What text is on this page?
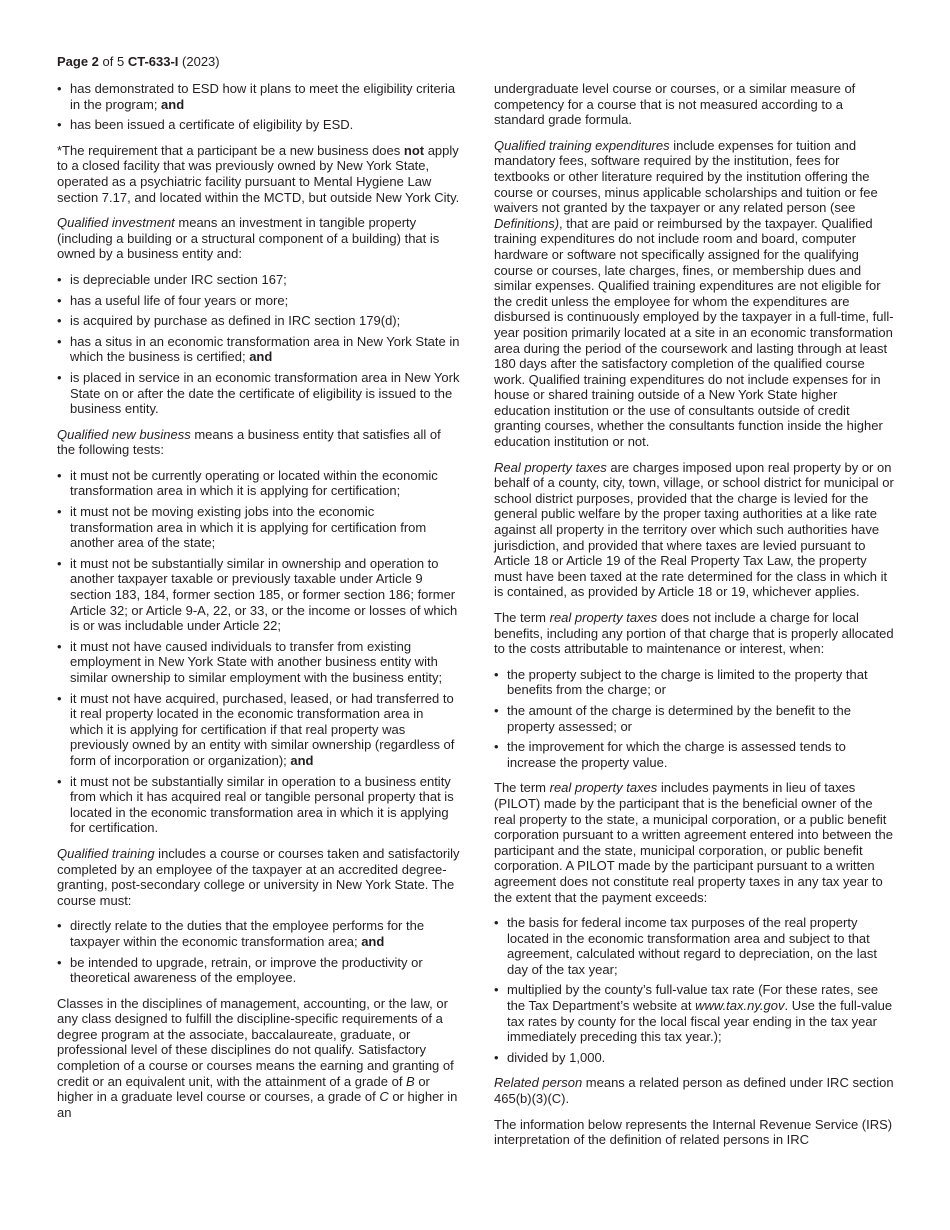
Page 2 of 5 CT-633-I (2023)
• has demonstrated to ESD how it plans to meet the eligibility criteria in the program; and
• has been issued a certificate of eligibility by ESD.

*The requirement that a participant be a new business does not apply to a closed facility that was previously owned by New York State, operated as a psychiatric facility pursuant to Mental Hygiene Law section 7.17, and located within the MCTD, but outside New York City.

Qualified investment means an investment in tangible property (including a building or a structural component of a building) that is owned by a business entity and:

• is depreciable under IRC section 167;
• has a useful life of four years or more;
• is acquired by purchase as defined in IRC section 179(d);
• has a situs in an economic transformation area in New York State in which the business is certified; and
• is placed in service in an economic transformation area in New York State on or after the date the certificate of eligibility is issued to the business entity.

Qualified new business means a business entity that satisfies all of the following tests:

• it must not be currently operating or located within the economic transformation area in which it is applying for certification;
• it must not be moving existing jobs into the economic transformation area in which it is applying for certification from another area of the state;
• it must not be substantially similar in ownership and operation to another taxpayer taxable or previously taxable under Article 9 section 183, 184, former section 185, or former section 186; former Article 32; or Article 9-A, 22, or 33, or the income or losses of which is or was includable under Article 22;
• it must not have caused individuals to transfer from existing employment in New York State with another business entity with similar ownership to similar employment with the business entity;
• it must not have acquired, purchased, leased, or had transferred to it real property located in the economic transformation area in which it is applying for certification if that real property was previously owned by an entity with similar ownership (regardless of form of incorporation or organization); and
• it must not be substantially similar in operation to a business entity from which it has acquired real or tangible personal property that is located in the economic transformation area in which it is applying for certification.

Qualified training includes a course or courses taken and satisfactorily completed by an employee of the taxpayer at an accredited degree-granting, post-secondary college or university in New York State. The course must:

• directly relate to the duties that the employee performs for the taxpayer within the economic transformation area; and
• be intended to upgrade, retrain, or improve the productivity or theoretical awareness of the employee.

Classes in the disciplines of management, accounting, or the law, or any class designed to fulfill the discipline-specific requirements of a degree program at the associate, baccalaureate, graduate, or professional level of these disciplines do not qualify. Satisfactory completion of a course or courses means the earning and granting of credit or an equivalent unit, with the attainment of a grade of B or higher in a graduate level course or courses, a grade of C or higher in an

undergraduate level course or courses, or a similar measure of competency for a course that is not measured according to a standard grade formula.

Qualified training expenditures include expenses for tuition and mandatory fees, software required by the institution, fees for textbooks or other literature required by the institution offering the course or courses, minus applicable scholarships and tuition or fee waivers not granted by the taxpayer or any related person (see Definitions), that are paid or reimbursed by the taxpayer. Qualified training expenditures do not include room and board, computer hardware or software not specifically assigned for the qualifying course or courses, late charges, fines, or membership dues and similar expenses. Qualified training expenditures are not eligible for the credit unless the employee for whom the expenditures are disbursed is continuously employed by the taxpayer in a full-time, full-year position primarily located at a site in an economic transformation area during the period of the coursework and lasting through at least 180 days after the satisfactory completion of the qualified course work. Qualified training expenditures do not include expenses for in house or shared training outside of a New York State higher education institution or the use of consultants outside of credit granting courses, whether the consultants function inside the higher education institution or not.

Real property taxes are charges imposed upon real property by or on behalf of a county, city, town, village, or school district for municipal or school district purposes, provided that the charge is levied for the general public welfare by the proper taxing authorities at a like rate against all property in the territory over which such authorities have jurisdiction, and provided that where taxes are levied pursuant to Article 18 or Article 19 of the Real Property Tax Law, the property must have been taxed at the rate determined for the class in which it is contained, as provided by Article 18 or 19, whichever applies.

The term real property taxes does not include a charge for local benefits, including any portion of that charge that is properly allocated to the costs attributable to maintenance or interest, when:

• the property subject to the charge is limited to the property that benefits from the charge; or
• the amount of the charge is determined by the benefit to the property assessed; or
• the improvement for which the charge is assessed tends to increase the property value.

The term real property taxes includes payments in lieu of taxes (PILOT) made by the participant that is the beneficial owner of the real property to the state, a municipal corporation, or a public benefit corporation pursuant to a written agreement entered into between the participant and the state, municipal corporation, or public benefit corporation. A PILOT made by the participant pursuant to a written agreement does not constitute real property taxes in any tax year to the extent that the payment exceeds:

• the basis for federal income tax purposes of the real property located in the economic transformation area and subject to that agreement, calculated without regard to depreciation, on the last day of the tax year;
• multiplied by the county’s full-value tax rate (For these rates, see the Tax Department’s website at www.tax.ny.gov. Use the full-value tax rates by county for the local fiscal year ending in the tax year immediately preceding this tax year.);
• divided by 1,000.

Related person means a related person as defined under IRC section 465(b)(3)(C).

The information below represents the Internal Revenue Service (IRS) interpretation of the definition of related persons in IRC
